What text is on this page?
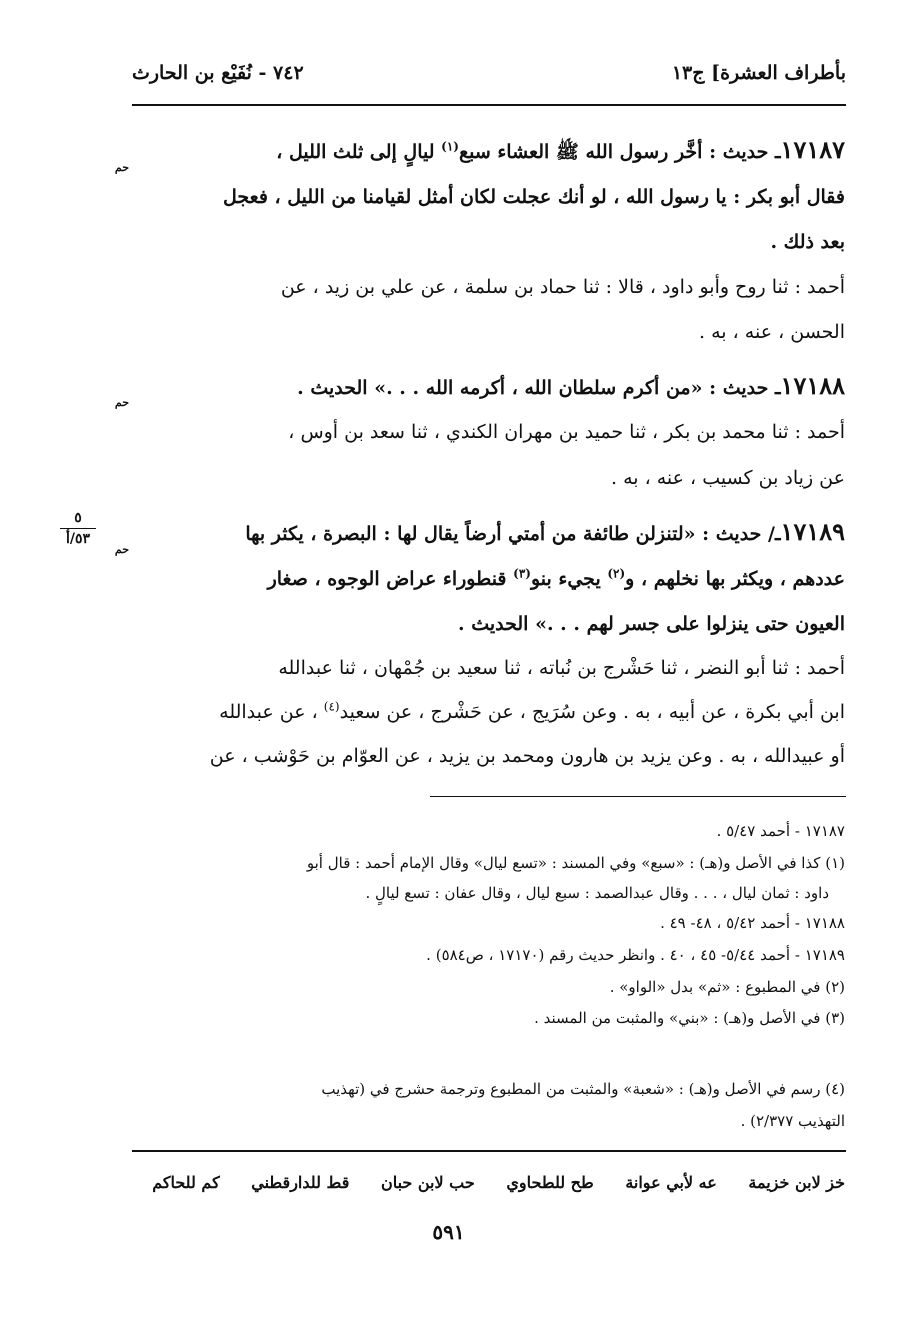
بأطراف العشرة] ج١٣
٧٤٢ - نُفَيْع بن الحارث
١٧١٨٧ـ حديث : أخَّر رسول الله ﷺ العشاء سبع$^{(١)}$ ليالٍ إلى ثلث الليل ،
حم
فقال أبو بكر : يا رسول الله ، لو أنك عجلت لكان أمثل لقيامنا من الليل ، فعجل
بعد ذلك .
أحمد : ثنا روح وأبو داود ، قالا : ثنا حماد بن سلمة ، عن علي بن زيد ، عن
الحسن ، عنه ، به .
١٧١٨٨ـ حديث : «من أكرم سلطان الله ، أكرمه الله . . .» الحديث .
حم
أحمد : ثنا محمد بن بكر ، ثنا حميد بن مهران الكندي ، ثنا سعد بن أوس ،
عن زياد بن كسيب ، عنه ، به .
٥
٥٣/أ	١٧١٨٩ـ/ حديث : «لتنزلن طائفة من أمتي أرضاً يقال لها : البصرة ، يكثر بها
حم
عددهم ، ويكثر بها نخلهم ، و$^{(٢)}$ يجيء بنو$^{(٣)}$ قنطوراء عراض الوجوه ، صغار
العيون حتى ينزلوا على جسر لهم . . .» الحديث .
أحمد : ثنا أبو النضر ، ثنا حَشْرج بن نُباته ، ثنا سعيد بن جُمْهان ، ثنا عبدالله
ابن أبي بكرة ، عن أبيه ، به . وعن سُرَيج ، عن حَشْرج ، عن سعيد$^{(٤)}$ ، عن عبدالله
أو عبيدالله ، به . وعن يزيد بن هارون ومحمد بن يزيد ، عن العوّام بن حَوْشب ، عن
١٧١٨٧ - أحمد ٥/٤٧ .
(١) كذا في الأصل و(هـ) : «سبع» وفي المسند : «تسع ليال» وقال الإمام أحمد : قال أبو
داود : ثمان ليال ، . . . وقال عبدالصمد : سبع ليال ، وقال عفان : تسع ليالٍ .
١٧١٨٨ - أحمد ٥/٤٢ ، ٤٨- ٤٩ .
١٧١٨٩ - أحمد ٥/٤٤- ٤٥ ، ٤٠ . وانظر حديث رقم (١٧١٧٠ ، ص٥٨٤) .
(٢) في المطبوع : «ثم» بدل «الواو» .
(٣) في الأصل و(هـ) : «بني» والمثبت من المسند .
(٤) رسم في الأصل و(هـ) : «شعبة» والمثبت من المطبوع وترجمة حشرج في (تهذيب
التهذيب ٢/٣٧٧) .
خز لابن خزيمة عه لأبي عوانة طح للطحاوي حب لابن حبان قط للدارقطني كم للحاكم
٥٩١
